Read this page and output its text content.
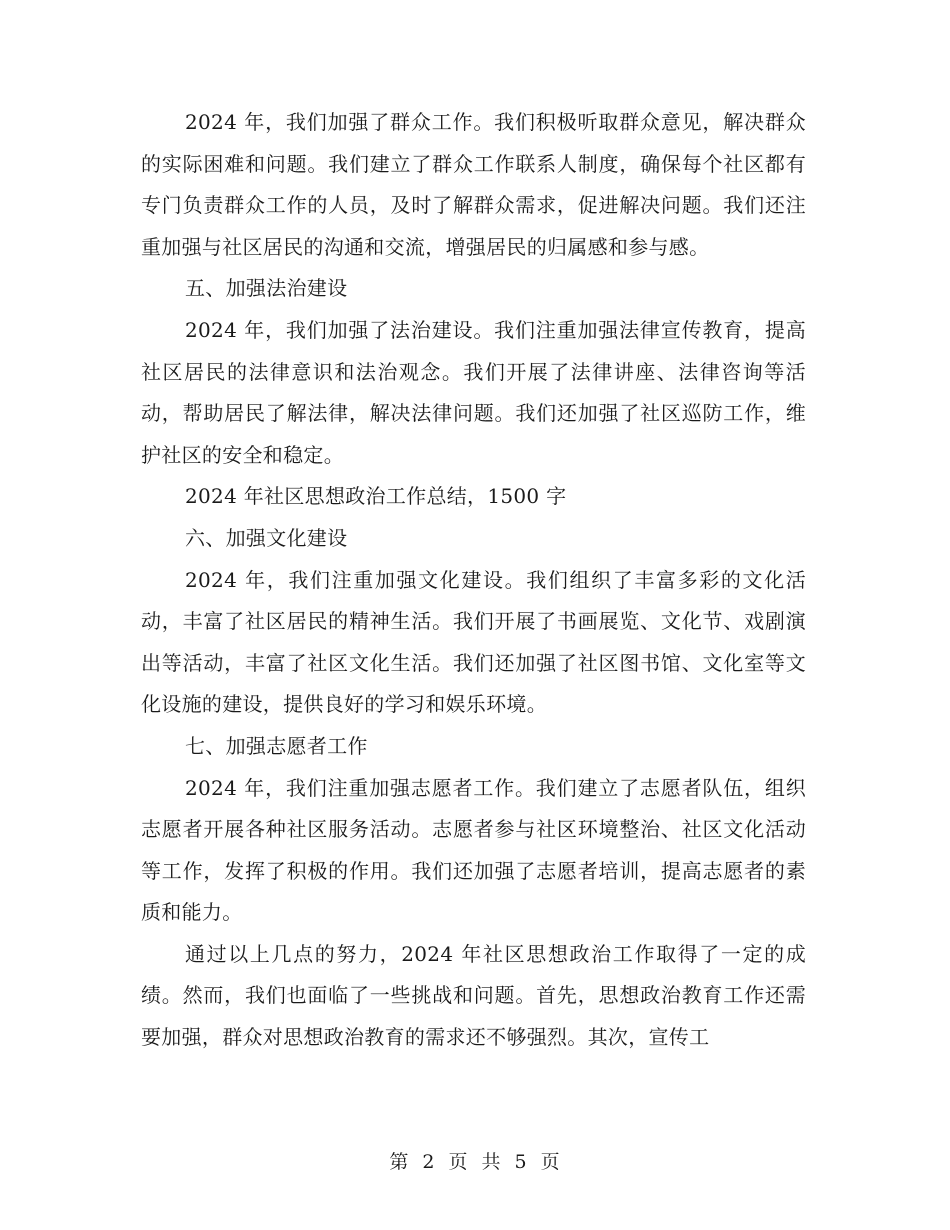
2024 年，我们加强了群众工作。我们积极听取群众意见，解决群众的实际困难和问题。我们建立了群众工作联系人制度，确保每个社区都有专门负责群众工作的人员，及时了解群众需求，促进解决问题。我们还注重加强与社区居民的沟通和交流，增强居民的归属感和参与感。

五、加强法治建设

2024 年，我们加强了法治建设。我们注重加强法律宣传教育，提高社区居民的法律意识和法治观念。我们开展了法律讲座、法律咨询等活动，帮助居民了解法律，解决法律问题。我们还加强了社区巡防工作，维护社区的安全和稳定。

2024 年社区思想政治工作总结，1500 字

六、加强文化建设

2024 年，我们注重加强文化建设。我们组织了丰富多彩的文化活动，丰富了社区居民的精神生活。我们开展了书画展览、文化节、戏剧演出等活动，丰富了社区文化生活。我们还加强了社区图书馆、文化室等文化设施的建设，提供良好的学习和娱乐环境。

七、加强志愿者工作

2024 年，我们注重加强志愿者工作。我们建立了志愿者队伍，组织志愿者开展各种社区服务活动。志愿者参与社区环境整治、社区文化活动等工作，发挥了积极的作用。我们还加强了志愿者培训，提高志愿者的素质和能力。

通过以上几点的努力，2024 年社区思想政治工作取得了一定的成绩。然而，我们也面临了一些挑战和问题。首先，思想政治教育工作还需要加强，群众对思想政治教育的需求还不够强烈。其次，宣传工

第 2 页 共 5 页
